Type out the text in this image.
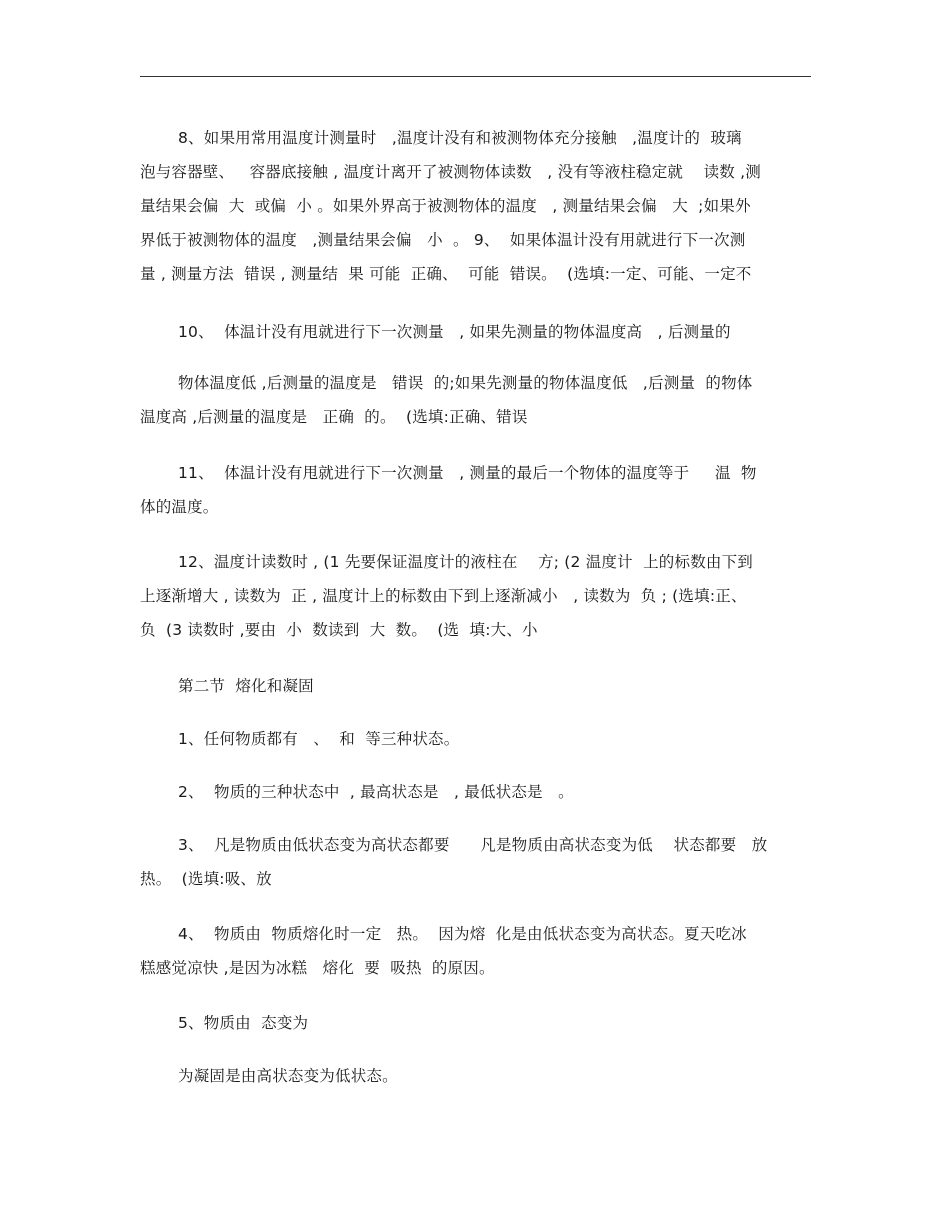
8、如果用常用温度计测量时   ,温度计没有和被测物体充分接触   ,温度计的  玻璃
泡与容器壁、   容器底接触 , 温度计离开了被测物体读数   , 没有等液柱稳定就    读数 ,测
量结果会偏  大  或偏  小 。如果外界高于被测物体的温度   , 测量结果会偏   大  ;如果外
界低于被测物体的温度   ,测量结果会偏   小  。 9、  如果体温计没有用就进行下一次测
量 , 测量方法  错误 , 测量结  果 可能  正确、  可能  错误。  (选填:一定、可能、一定不
10、  体温计没有甩就进行下一次测量   , 如果先测量的物体温度高   , 后测量的
物体温度低 ,后测量的温度是   错误  的;如果先测量的物体温度低   ,后测量  的物体
温度高 ,后测量的温度是   正确  的。  (选填:正确、错误
11、  体温计没有甩就进行下一次测量   , 测量的最后一个物体的温度等于     温  物
体的温度。
12、温度计读数时 , (1 先要保证温度计的液柱在    方; (2 温度计  上的标数由下到
上逐渐增大 , 读数为  正 , 温度计上的标数由下到上逐渐减小   , 读数为  负 ; (选填:正、
负  (3 读数时 ,要由  小  数读到  大  数。  (选  填:大、小
第二节  熔化和凝固
1、任何物质都有   、  和  等三种状态。
2、  物质的三种状态中  , 最高状态是   , 最低状态是   。
3、  凡是物质由低状态变为高状态都要      凡是物质由高状态变为低    状态都要   放
热。  (选填:吸、放
4、  物质由  物质熔化时一定   热。  因为熔  化是由低状态变为高状态。夏天吃冰
糕感觉凉快 ,是因为冰糕   熔化  要  吸热  的原因。
5、物质由  态变为
为凝固是由高状态变为低状态。
